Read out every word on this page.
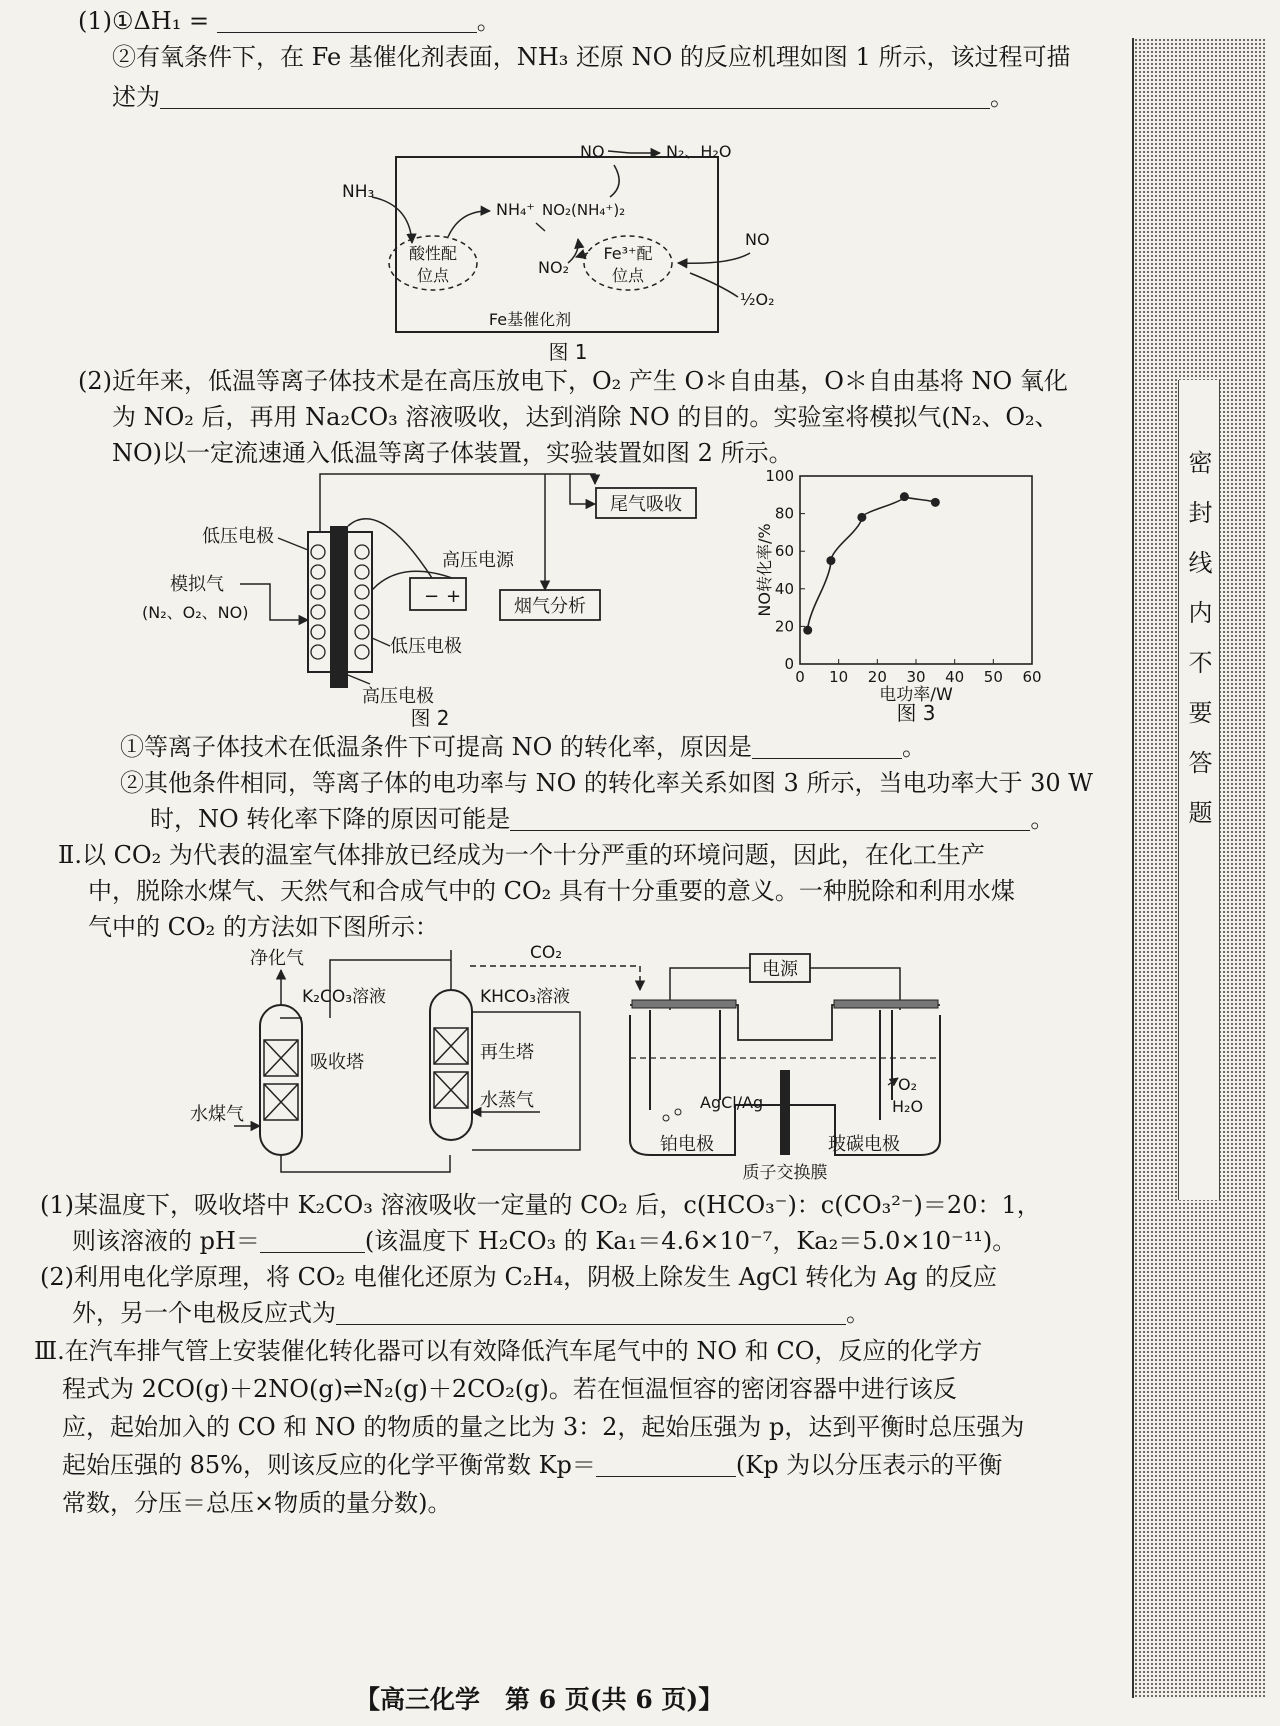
(1)①ΔH₁ =	。
②有氧条件下，在 Fe 基催化剂表面，NH₃ 还原 NO 的反应机理如图 1 所示，该过程可描
述为	。
NH₃
酸性配
位点
NH₄⁺
NO	N₂、H₂O
NO₂(NH₄⁺)₂
NO₂
Fe³⁺配
位点
NO
½O₂
Fe基催化剂
图 1
(2)近年来，低温等离子体技术是在高压放电下，O₂ 产生 O＊自由基，O＊自由基将 NO 氧化
为 NO₂ 后，再用 Na₂CO₃ 溶液吸收，达到消除 NO 的目的。实验室将模拟气(N₂、O₂、
NO)以一定流速通入低温等离子体装置，实验装置如图 2 所示。
低压电极
− +
高压电源
模拟气
(N₂、O₂、NO)
低压电极
高压电极
尾气吸收
烟气分析
图 2
0 10 20 30 40 50 60
0
20
40
60
80
100
电功率/W
NO转化率/%
图 3
①等离子体技术在低温条件下可提高 NO 的转化率，原因是	。
②其他条件相同，等离子体的电功率与 NO 的转化率关系如图 3 所示，当电功率大于 30 W
时，NO 转化率下降的原因可能是	。
Ⅱ.以 CO₂ 为代表的温室气体排放已经成为一个十分严重的环境问题，因此，在化工生产
中，脱除水煤气、天然气和合成气中的 CO₂ 具有十分重要的意义。一种脱除和利用水煤
气中的 CO₂ 的方法如下图所示：
吸收塔
净化气
K₂CO₃溶液
水煤气
再生塔
KHCO₃溶液
水蒸气
CO₂
电源
AgCl/Ag
铂电极
O₂
H₂O
玻碳电极
质子交换膜
(1)某温度下，吸收塔中 K₂CO₃ 溶液吸收一定量的 CO₂ 后，c(HCO₃⁻)：c(CO₃²⁻)＝20：1，
则该溶液的 pH＝	(该温度下 H₂CO₃ 的 Ka₁＝4.6×10⁻⁷，Ka₂＝5.0×10⁻¹¹)。
(2)利用电化学原理，将 CO₂ 电催化还原为 C₂H₄，阴极上除发生 AgCl 转化为 Ag 的反应
外，另一个电极反应式为	。
Ⅲ.在汽车排气管上安装催化转化器可以有效降低汽车尾气中的 NO 和 CO，反应的化学方
程式为 2CO(g)＋2NO(g)⇌N₂(g)＋2CO₂(g)。若在恒温恒容的密闭容器中进行该反
应，起始加入的 CO 和 NO 的物质的量之比为 3：2，起始压强为 p，达到平衡时总压强为
起始压强的 85%，则该反应的化学平衡常数 Kp＝	(Kp 为以分压表示的平衡
常数，分压＝总压×物质的量分数)。
密封线内不要答题
【高三化学　第 6 页(共 6 页)】
